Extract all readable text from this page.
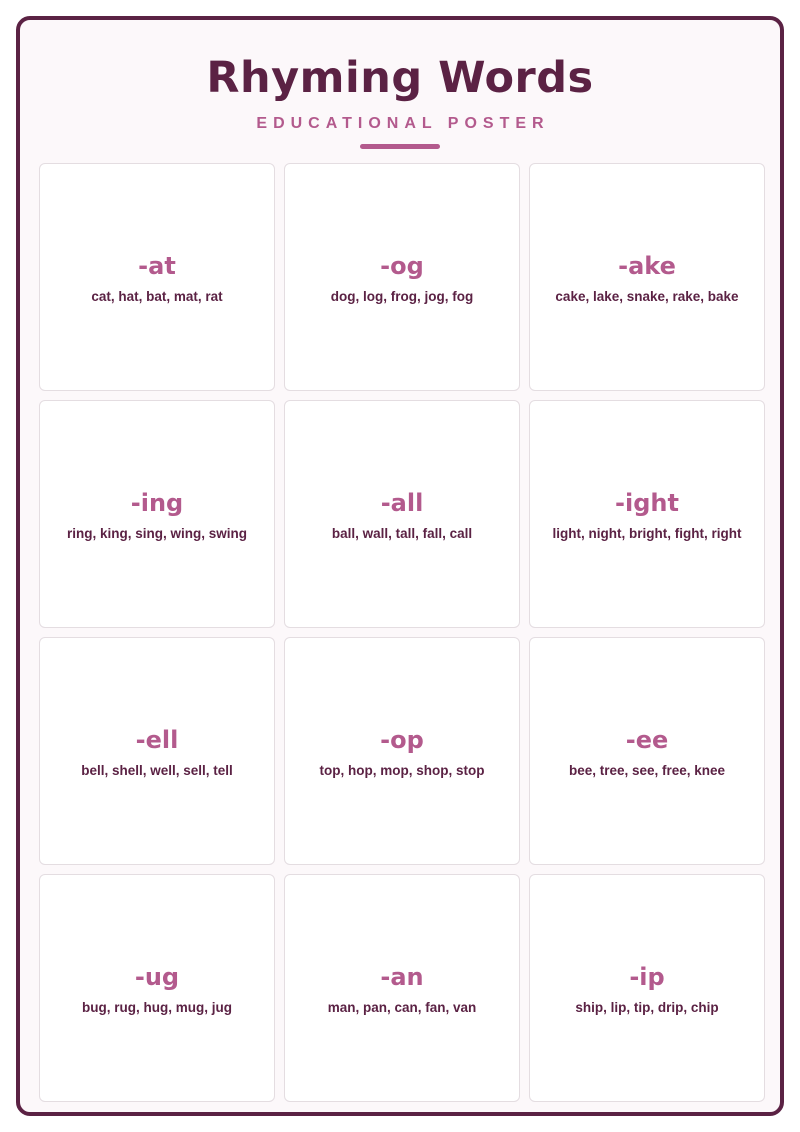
Rhyming Words
EDUCATIONAL POSTER
-at
cat, hat, bat, mat, rat
-og
dog, log, frog, jog, fog
-ake
cake, lake, snake, rake, bake
-ing
ring, king, sing, wing, swing
-all
ball, wall, tall, fall, call
-ight
light, night, bright, fight, right
-ell
bell, shell, well, sell, tell
-op
top, hop, mop, shop, stop
-ee
bee, tree, see, free, knee
-ug
bug, rug, hug, mug, jug
-an
man, pan, can, fan, van
-ip
ship, lip, tip, drip, chip
